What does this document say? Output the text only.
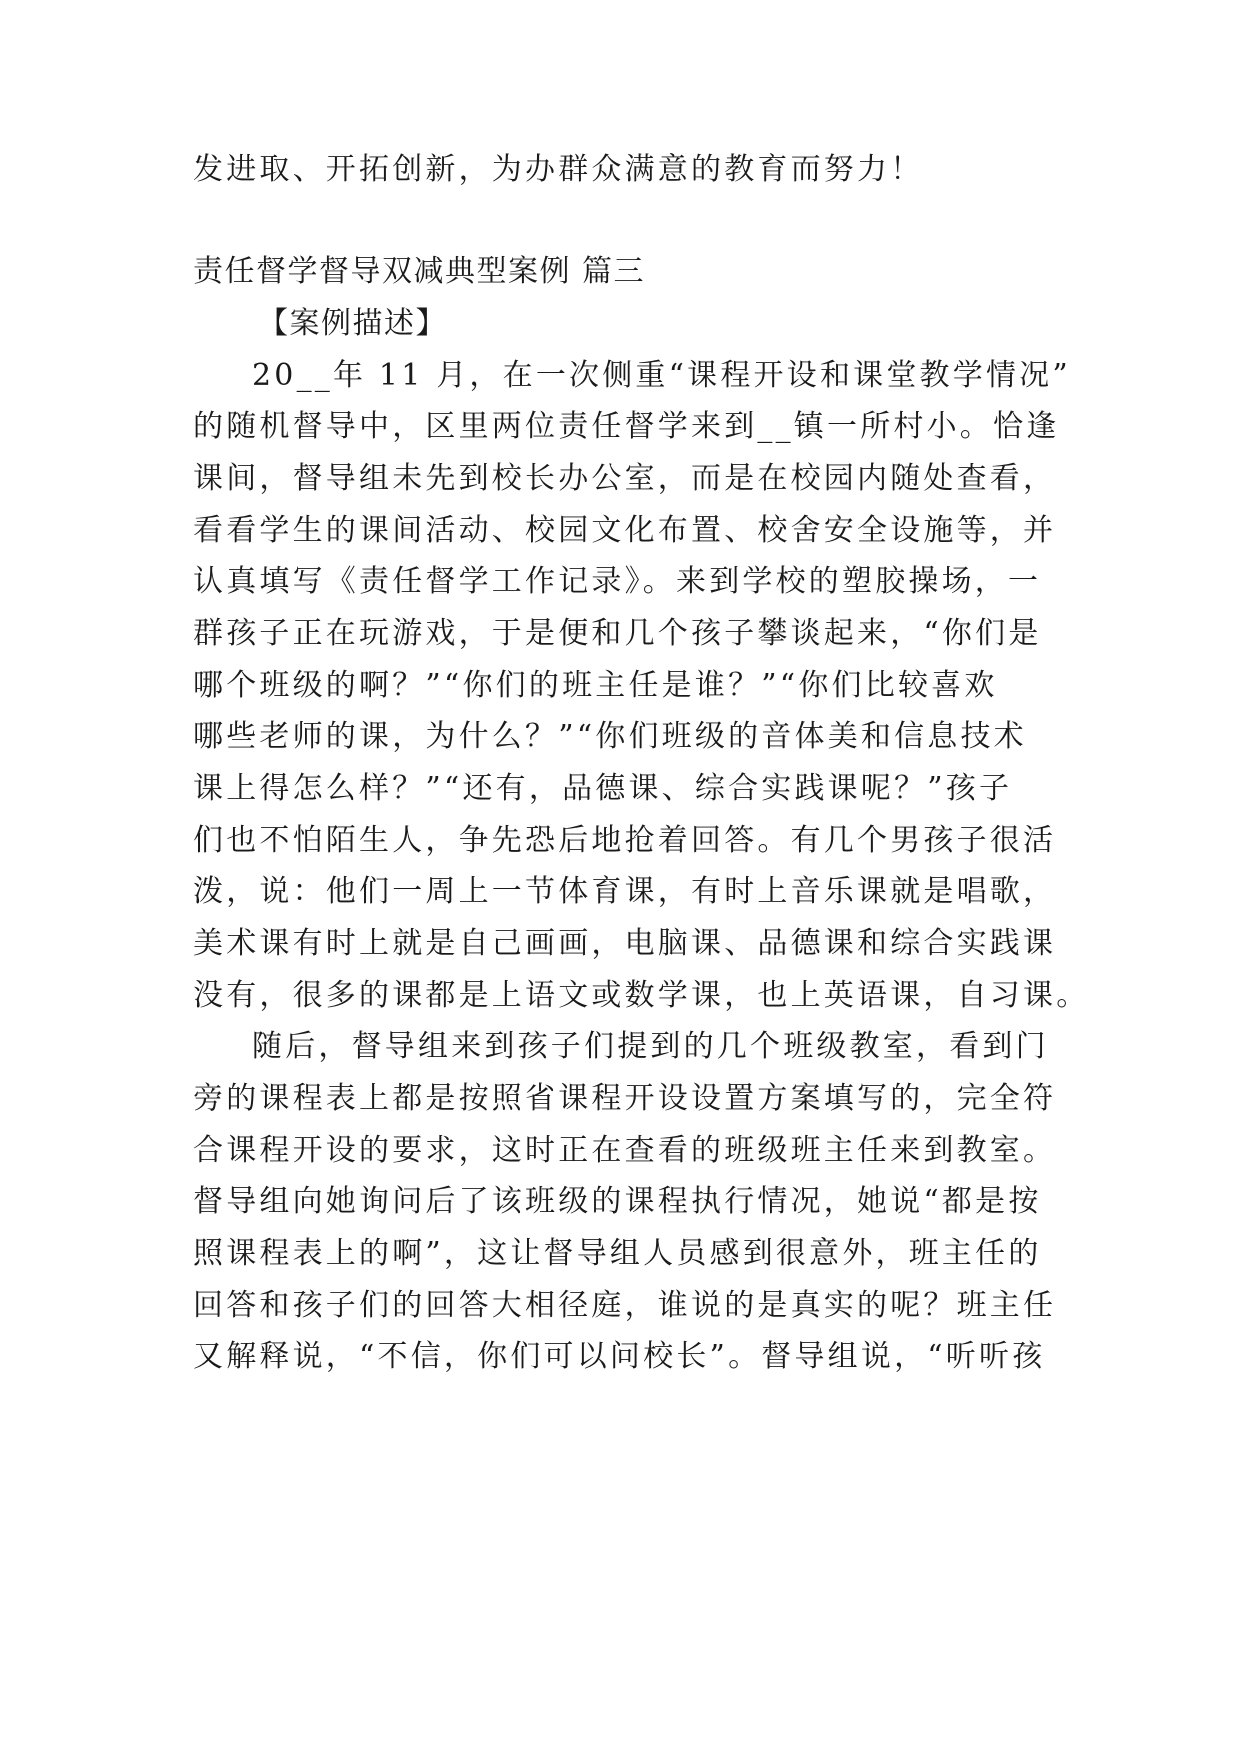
发进取、开拓创新，为办群众满意的教育而努力！
责任督学督导双减典型案例 篇三
【案例描述】
20__年 11 月，在一次侧重“课程开设和课堂教学情况”
的随机督导中，区里两位责任督学来到__镇一所村小。恰逢
课间，督导组未先到校长办公室，而是在校园内随处查看，
看看学生的课间活动、校园文化布置、校舍安全设施等，并
认真填写《责任督学工作记录》。来到学校的塑胶操场，一
群孩子正在玩游戏，于是便和几个孩子攀谈起来，“你们是
哪个班级的啊？”“你们的班主任是谁？”“你们比较喜欢
哪些老师的课，为什么？”“你们班级的音体美和信息技术
课上得怎么样？”“还有，品德课、综合实践课呢？”孩子
们也不怕陌生人，争先恐后地抢着回答。有几个男孩子很活
泼，说：他们一周上一节体育课，有时上音乐课就是唱歌，
美术课有时上就是自己画画，电脑课、品德课和综合实践课
没有，很多的课都是上语文或数学课，也上英语课，自习课。
随后，督导组来到孩子们提到的几个班级教室，看到门
旁的课程表上都是按照省课程开设设置方案填写的，完全符
合课程开设的要求，这时正在查看的班级班主任来到教室。
督导组向她询问后了该班级的课程执行情况，她说“都是按
照课程表上的啊”，这让督导组人员感到很意外，班主任的
回答和孩子们的回答大相径庭，谁说的是真实的呢？班主任
又解释说，“不信，你们可以问校长”。督导组说，“听听孩
